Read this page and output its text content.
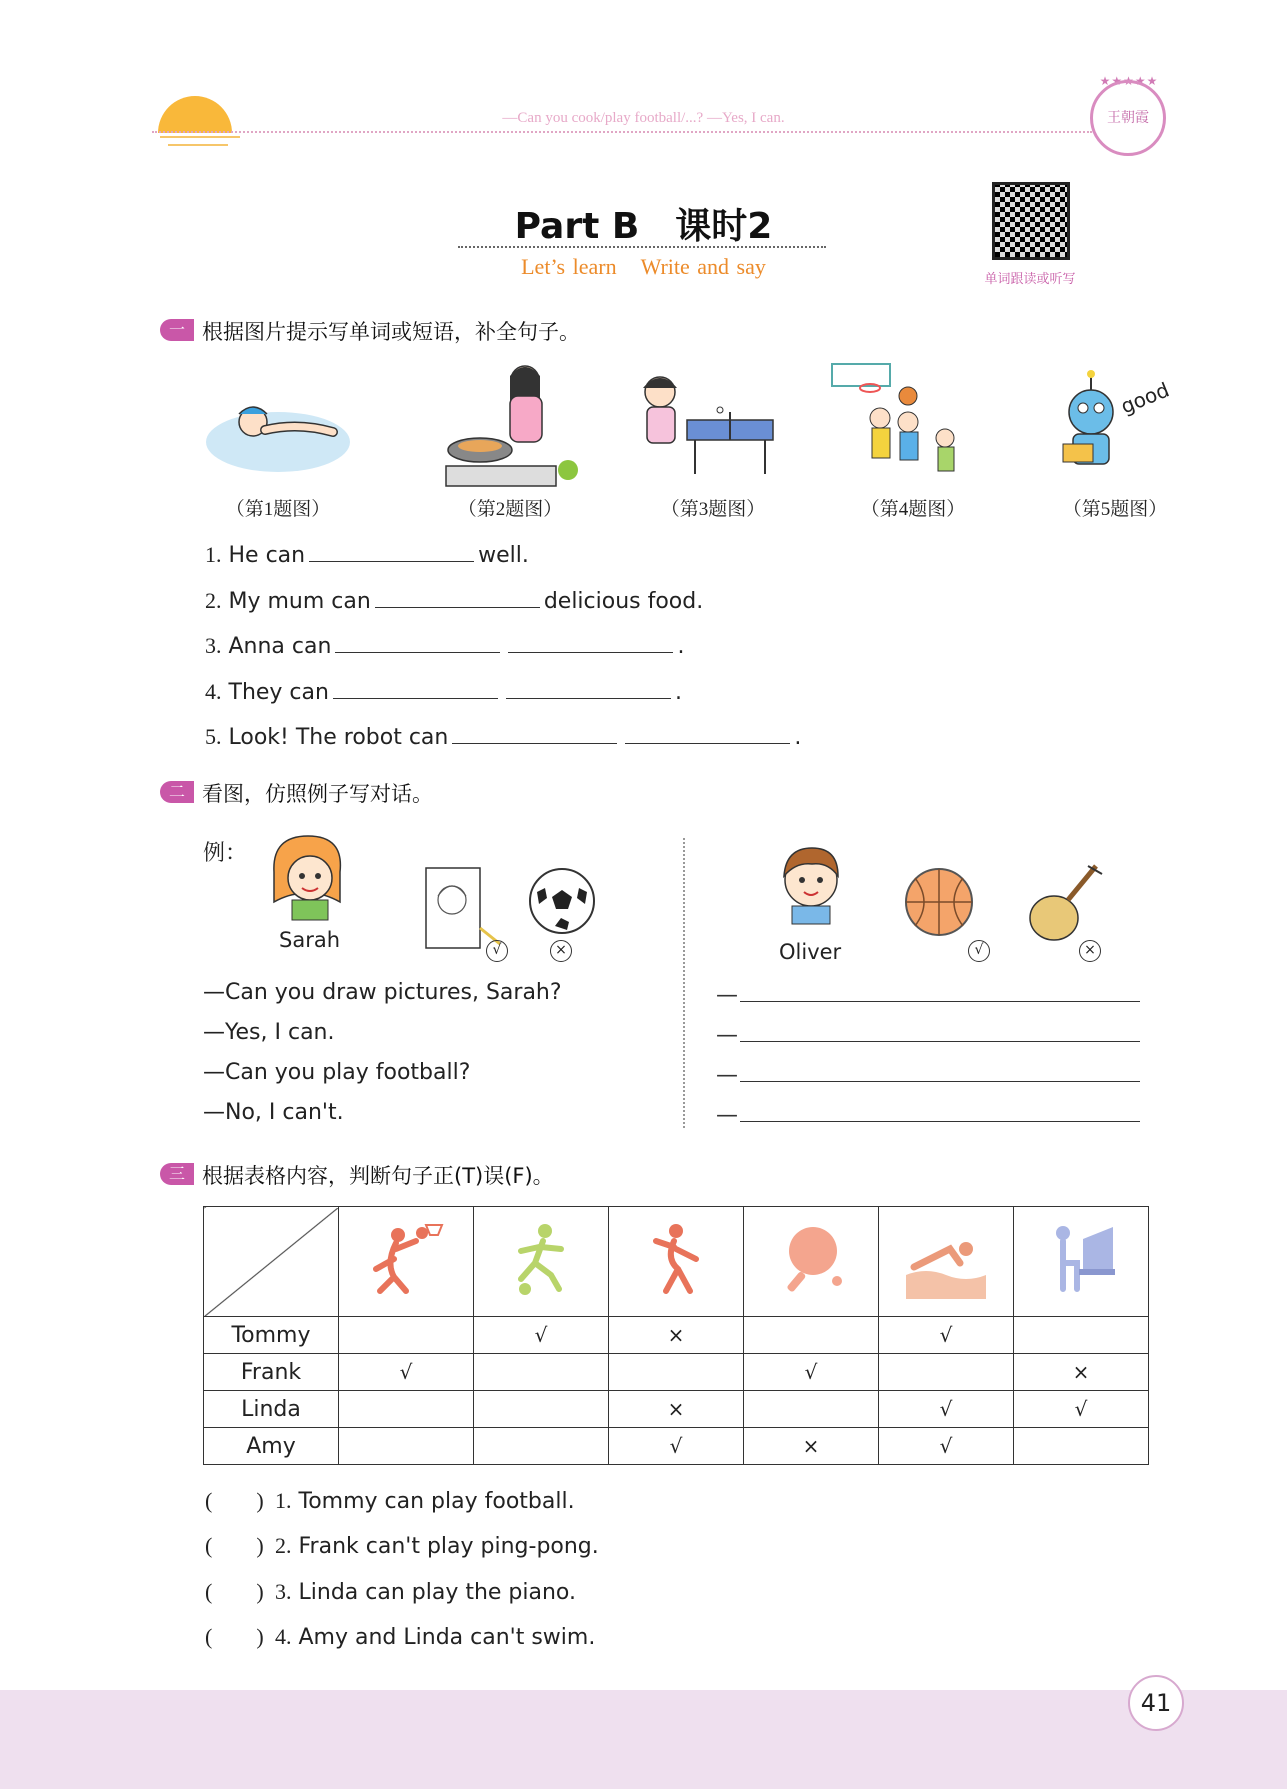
—Can you cook/play football/...? —Yes, I can.
★★★★★
王朝霞
Part B　课时2
Let’s learn Write and say
单词跟读或听写
一 根据图片提示写单词或短语，补全句子。
（第1题图）	（第2题图）	（第3题图）	（第4题图）
good
（第5题图）
1. He can	well.
2. My mum can	delicious food.
3. Anna can	.
4. They can	.
5. Look! The robot can	.
二 看图，仿照例子写对话。
例：
Sarah	√	×
—Can you draw pictures, Sarah?
—Yes, I can.
—Can you play football?
—No, I can't.
Oliver	√	×
—
—
—
—
三 根据表格内容，判断句子正(T)误(F)。

Tommy		√	×		√	
Frank	√			√		×
Linda			×		√	√
Amy			√	×	√	
(　　) 1. Tommy can play football.
(　　) 2. Frank can't play ping-pong.
(　　) 3. Linda can play the piano.
(　　) 4. Amy and Linda can't swim.
41
